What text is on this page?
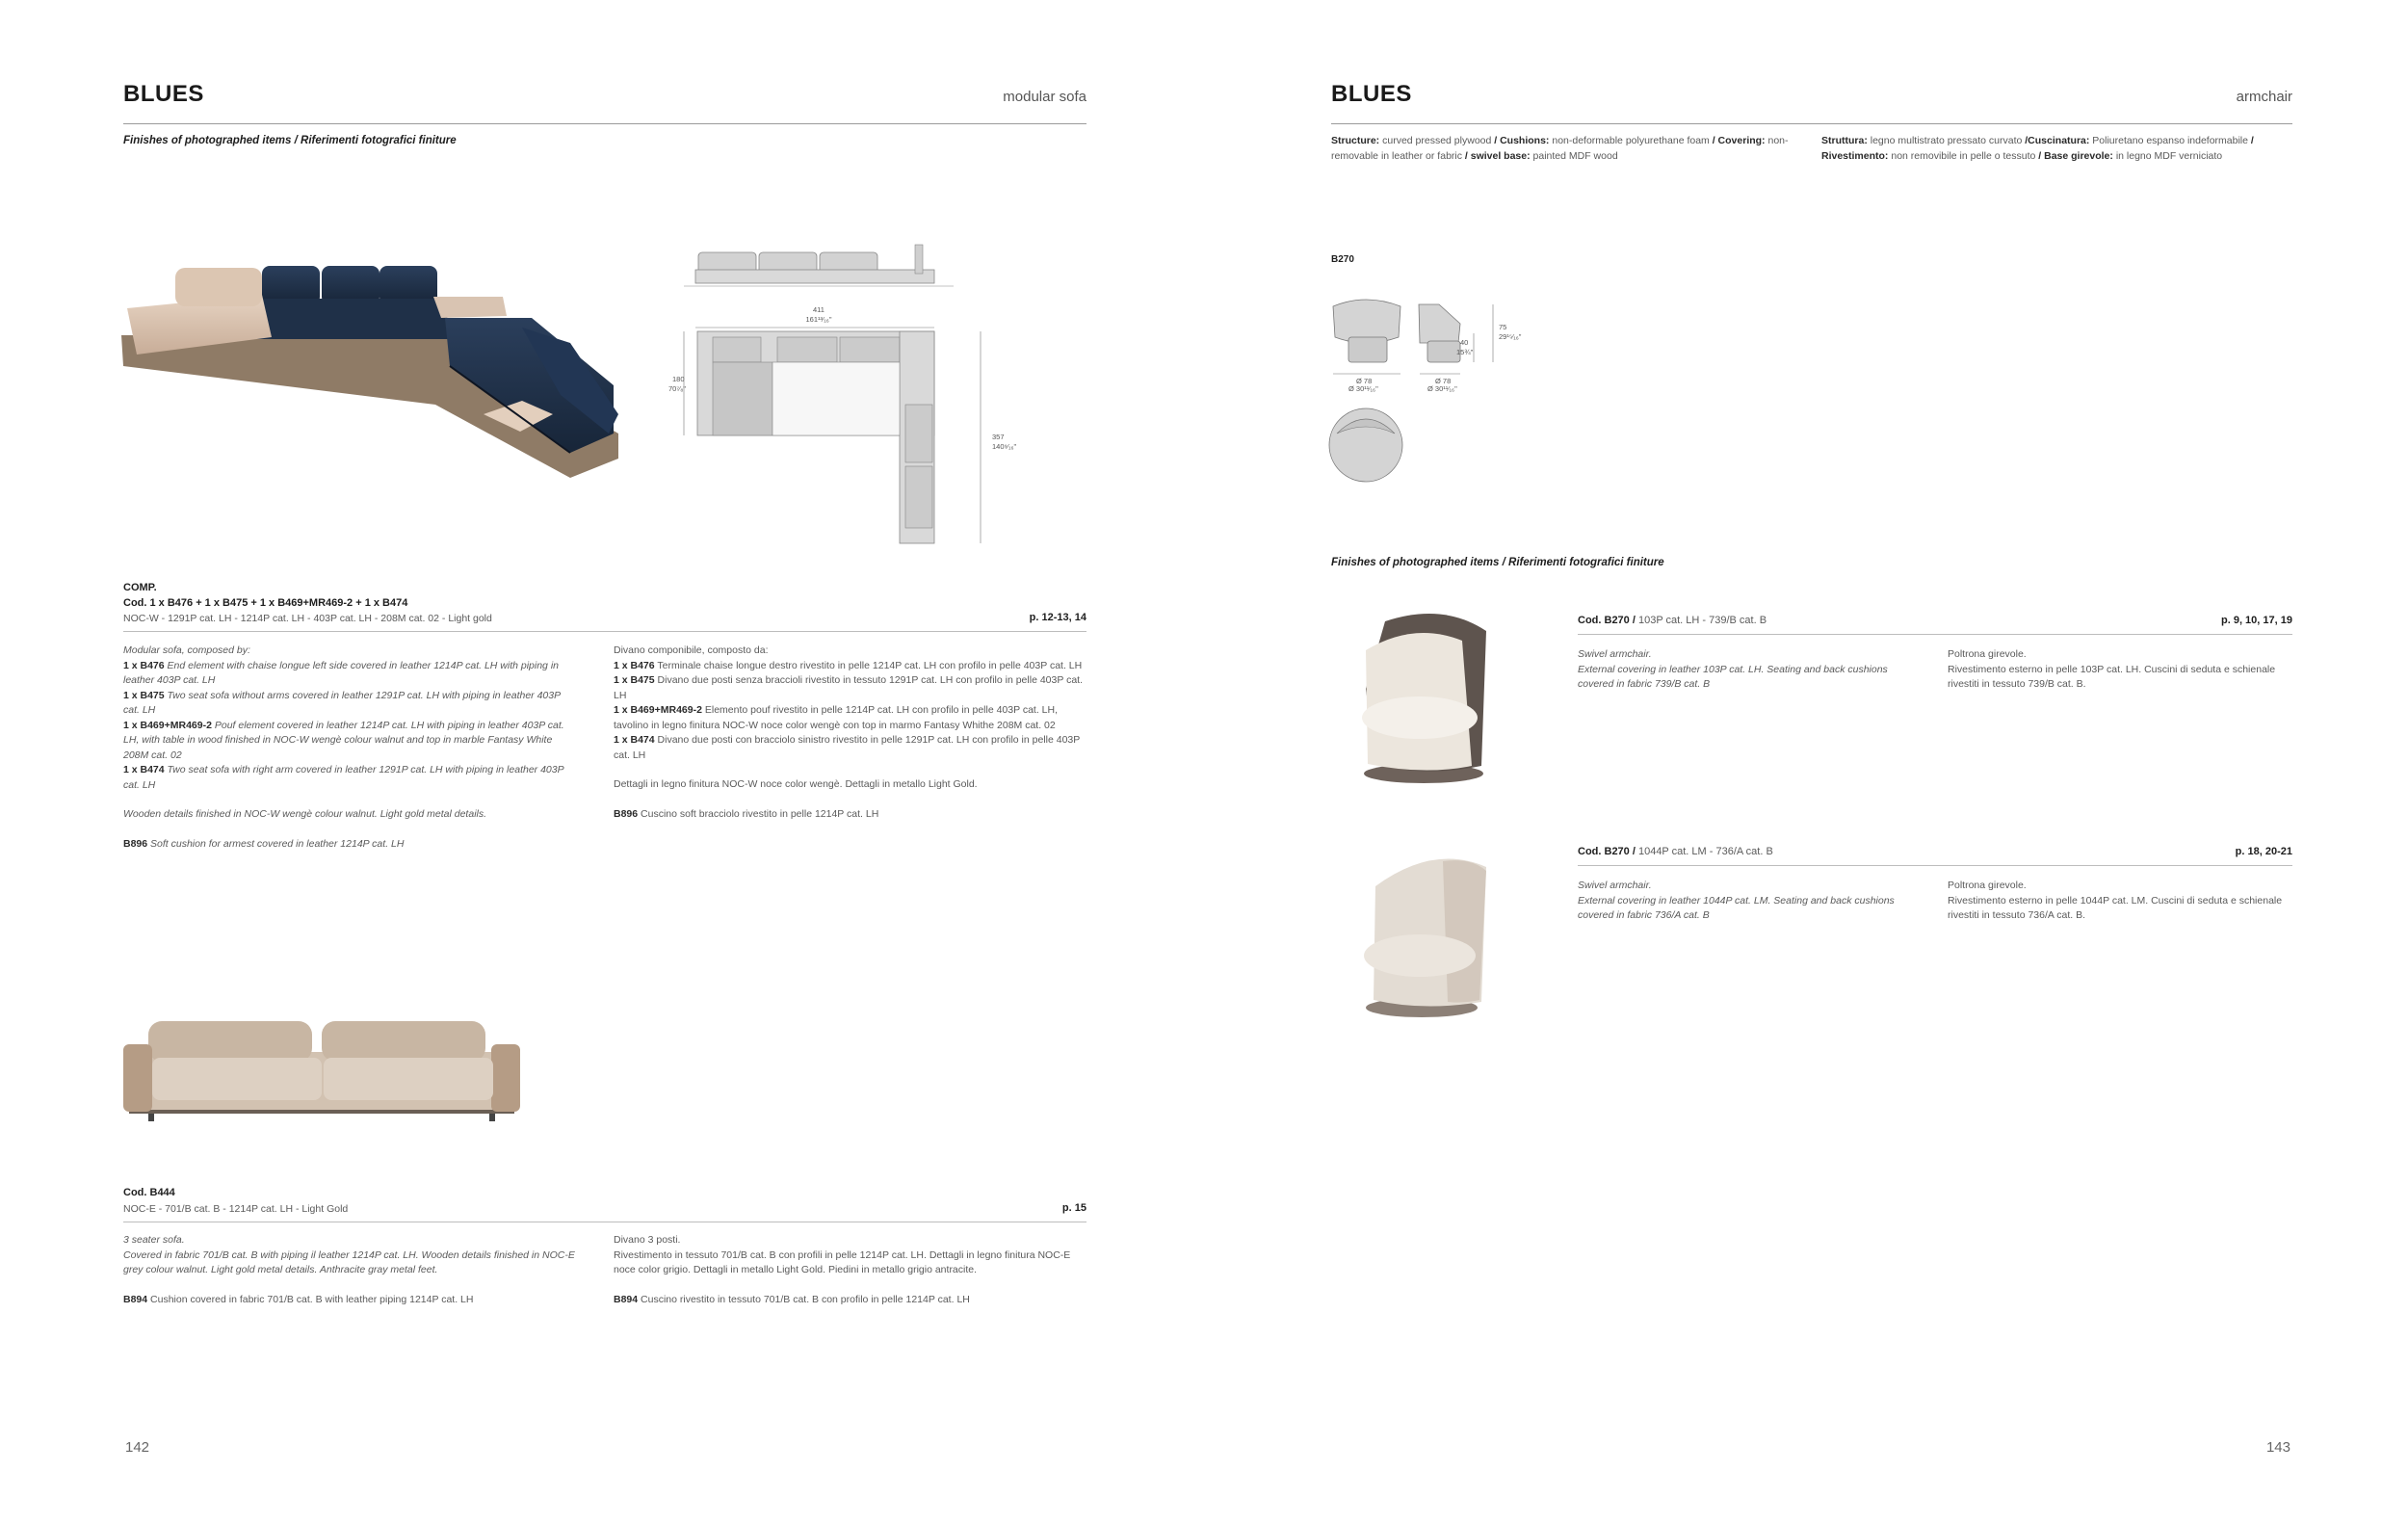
BLUES	modular sofa
Finishes of photographed items / Riferimenti fotografici finiture
411
161¹³⁄₁₆"
180
70⁷⁄₈"
357
140⁹⁄₁₆"
COMP.
Cod. 1 x B476 + 1 x B475 + 1 x B469+MR469-2 + 1 x B474
NOC-W - 1291P cat. LH - 1214P cat. LH - 403P cat. LH - 208M cat. 02 - Light gold	p. 12-13, 14
Modular sofa, composed by:
1 x B476 End element with chaise longue left side covered in leather 1214P cat. LH with piping in leather 403P cat. LH
1 x B475 Two seat sofa without arms covered in leather 1291P cat. LH with piping in leather 403P cat. LH
1 x B469+MR469-2 Pouf element covered in leather 1214P cat. LH with piping in leather 403P cat. LH, with table in wood finished in NOC-W wengè colour walnut and top in marble Fantasy White 208M cat. 02
1 x B474 Two seat sofa with right arm covered in leather 1291P cat. LH with piping in leather 403P cat. LH
Wooden details finished in NOC-W wengè colour walnut. Light gold metal details.
B896 Soft cushion for armest covered in leather 1214P cat. LH
Divano componibile, composto da:
1 x B476 Terminale chaise longue destro rivestito in pelle 1214P cat. LH con profilo in pelle 403P cat. LH
1 x B475 Divano due posti senza braccioli rivestito in tessuto 1291P cat. LH con profilo in pelle 403P cat. LH
1 x B469+MR469-2 Elemento pouf rivestito in pelle 1214P cat. LH con profilo in pelle 403P cat. LH, tavolino in legno finitura NOC-W noce color wengè con top in marmo Fantasy Whithe 208M cat. 02
1 x B474 Divano due posti con bracciolo sinistro rivestito in pelle 1291P cat. LH con profilo in pelle 403P cat. LH
Dettagli in legno finitura NOC-W noce color wengè. Dettagli in metallo Light Gold.
B896 Cuscino soft bracciolo rivestito in pelle 1214P cat. LH
Cod. B444
NOC-E - 701/B cat. B - 1214P cat. LH - Light Gold	p. 15
3 seater sofa.
Covered in fabric 701/B cat. B with piping il leather 1214P cat. LH. Wooden details finished in NOC-E grey colour walnut. Light gold metal details. Anthracite gray metal feet.
B894 Cushion covered in fabric 701/B cat. B with leather piping 1214P cat. LH
Divano 3 posti.
Rivestimento in tessuto 701/B cat. B con profili in pelle 1214P cat. LH. Dettagli in legno finitura NOC-E noce color grigio. Dettagli in metallo Light Gold. Piedini in metallo grigio antracite.
B894 Cuscino rivestito in tessuto 701/B cat. B con profilo in pelle 1214P cat. LH
142
BLUES	armchair
Structure: curved pressed plywood / Cushions: non-deformable polyurethane foam / Covering: non-removable in leather or fabric / swivel base: painted MDF wood
Struttura: legno multistrato pressato curvato /Cuscinatura: Poliuretano espanso indeformabile / Rivestimento: non removibile in pelle o tessuto / Base girevole: in legno MDF verniciato
B270
40
15¾"
75
29¹⁵⁄₁₆"
Ø 78
Ø 30¹¹⁄₁₆"
Ø 78
Ø 30¹¹⁄₁₆"
Finishes of photographed items / Riferimenti fotografici finiture
Cod. B270 / 103P cat. LH - 739/B cat. B	p. 9, 10, 17, 19
Swivel armchair.
External covering in leather 103P cat. LH. Seating and back cushions covered in fabric 739/B cat. B
Poltrona girevole.
Rivestimento esterno in pelle 103P cat. LH. Cuscini di seduta e schienale rivestiti in tessuto 739/B cat. B.
Cod. B270 / 1044P cat. LM - 736/A cat. B	p. 18, 20-21
Swivel armchair.
External covering in leather 1044P cat. LM. Seating and back cushions covered in fabric 736/A cat. B
Poltrona girevole.
Rivestimento esterno in pelle 1044P cat. LM. Cuscini di seduta e schienale rivestiti in tessuto 736/A cat. B.
143
